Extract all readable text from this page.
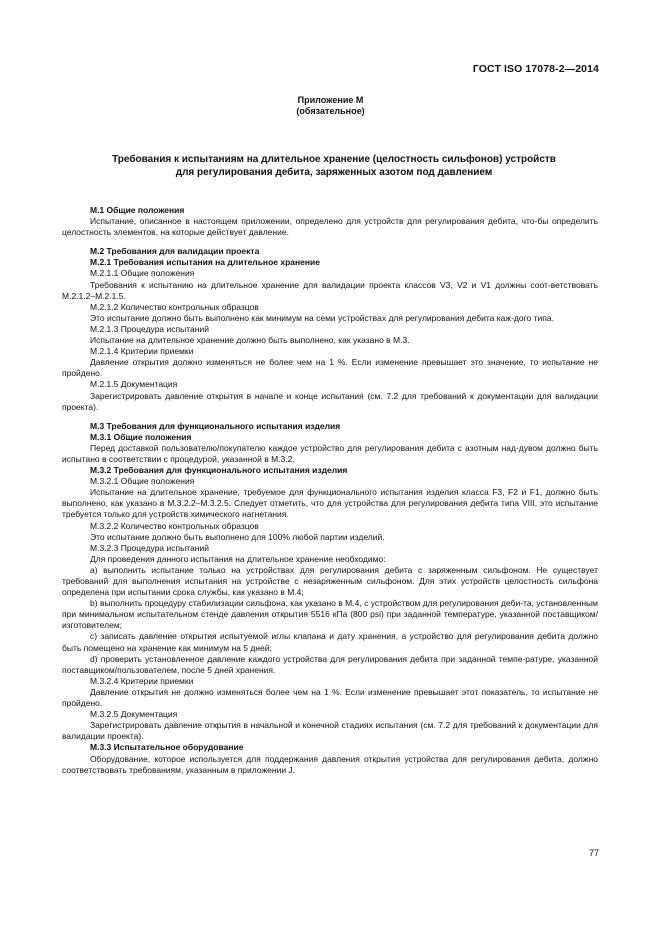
ГОСТ ISO 17078-2—2014
Приложение М
(обязательное)
Требования к испытаниям на длительное хранение (целостность сильфонов) устройств
для регулирования дебита, заряженных азотом под давлением

М.1 Общие положения

Испытание, описанное в настоящем приложении, определено для устройств для регулирования дебита, что-бы определить целостность элементов, на которые действует давление.

М.2 Требования для валидации проекта

М.2.1 Требования испытания на длительное хранение

М.2.1.1 Общие положения

Требования к испытанию на длительное хранение для валидации проекта классов V3, V2 и V1 должны соот-ветствовать М.2.1.2–М.2.1.5.

М.2.1.2 Количество контрольных образцов

Это испытание должно быть выполнено как минимум на семи устройствах для регулирования дебита каж-дого типа.

М.2.1.3 Процедура испытаний

Испытание на длительное хранение должно быть выполнено, как указано в М.3.

М.2.1.4 Критерии приемки

Давление открытия должно изменяться не более чем на 1 %. Если изменение превышает это значение, то испытание не пройдено.

М.2.1.5 Документация

Зарегистрировать давление открытия в начале и конце испытания (см. 7.2 для требований к документации для валидации проекта).

М.3 Требования для функционального испытания изделия

М.3.1 Общие положения

Перед доставкой пользователю/покупателю каждое устройство для регулирования дебита с азотным над-дувом должно быть испытано в соответствии с процедурой, указанной в М.3.2.

М.3.2 Требования для функционального испытания изделия

М.3.2.1 Общие положения

Испытание на длительное хранение, требуемое для функционального испытания изделия класса F3, F2 и F1, должно быть выполнено, как указано в М.3.2.2–М.3.2.5. Следует отметить, что для устройства для регулирования дебита типа VIII, это испытание требуется только для устройств химического нагнетания.

М.3.2.2 Количество контрольных образцов

Это испытание должно быть выполнено для 100% любой партии изделий.

М.3.2.3 Процедура испытаний

Для проведения данного испытания на длительное хранение необходимо:

a) выполнить испытание только на устройствах для регулирования дебита с заряженным сильфоном. Не существует требований для выполнения испытания на устройстве с незаряженным сильфоном. Для этих устройств целостность сильфона определена при испытании срока службы, как указано в М.4;

b) выполнить процедуру стабилизации сильфона, как указано в М.4, с устройством для регулирования деби-та, установленным при минимальном испытательном стенде давления открытия 5516 кПа (800 psi) при заданной температуре, указанной поставщиком/изготовителем;

c) записать давление открытия испытуемой иглы клапана и дату хранения, а устройство для регулирования дебита должно быть помещено на хранение как минимум на 5 дней;

d) проверить установленное давление каждого устройства для регулирования дебита при заданной темпе-ратуре, указанной поставщиком/пользователем, после 5 дней хранения.

М.3.2.4 Критерии приемки

Давление открытия не должно изменяться более чем на 1 %. Если изменение превышает этот показатель, то испытание не пройдено.

М.3.2.5 Документация

Зарегистрировать давление открытия в начальной и конечной стадиях испытания (см. 7.2 для требований к документации для валидации проекта).

М.3.3 Испытательное оборудование

Оборудование, которое используется для поддержания давления открытия устройства для регулирования дебита, должно соответствовать требованиям, указанным в приложении J.

77
